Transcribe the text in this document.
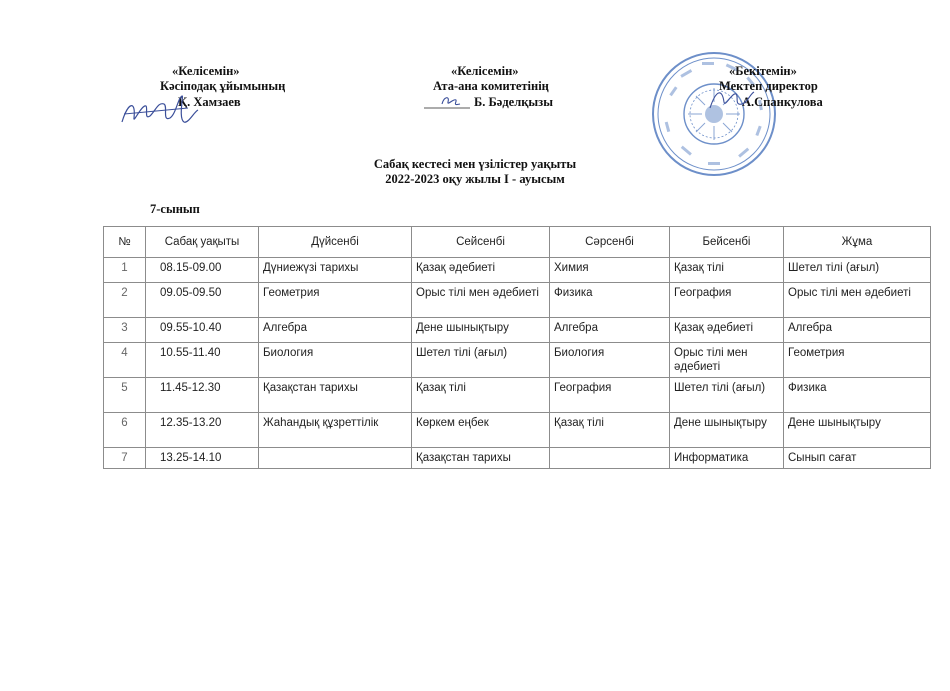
«Келісемін»
Кәсіподақ ұйымының
Қ. Хамзаев
«Келісемін»
Ата-ана комитетінің
Б. Бәделқызы
«Бекітемін»
Мектеп директор
А.Спанкулова
Сабақ кестесі мен үзілістер уақыты
2022-2023 оқу жылы І - ауысым
7-сынып
№	Сабақ уақыты	Дүйсенбі	Сейсенбі	Сәрсенбі	Бейсенбі	Жұма
1	08.15-09.00	Дүниежүзі тарихы	Қазақ әдебиеті	Химия	Қазақ тілі	Шетел тілі (ағыл)
2	09.05-09.50	Геометрия	Орыс тілі мен әдебиеті	Физика	География	Орыс тілі мен әдебиеті
3	09.55-10.40	Алгебра	Дене шынықтыру	Алгебра	Қазақ әдебиеті	Алгебра
4	10.55-11.40	Биология	Шетел тілі (ағыл)	Биология	Орыс тілі мен әдебиеті	Геометрия
5	11.45-12.30	Қазақстан тарихы	Қазақ тілі	География	Шетел тілі (ағыл)	Физика
6	12.35-13.20	Жаһандық құзреттілік	Көркем еңбек	Қазақ тілі	Дене шынықтыру	Дене шынықтыру
7	13.25-14.10		Қазақстан тарихы		Информатика	Сынып сағат
